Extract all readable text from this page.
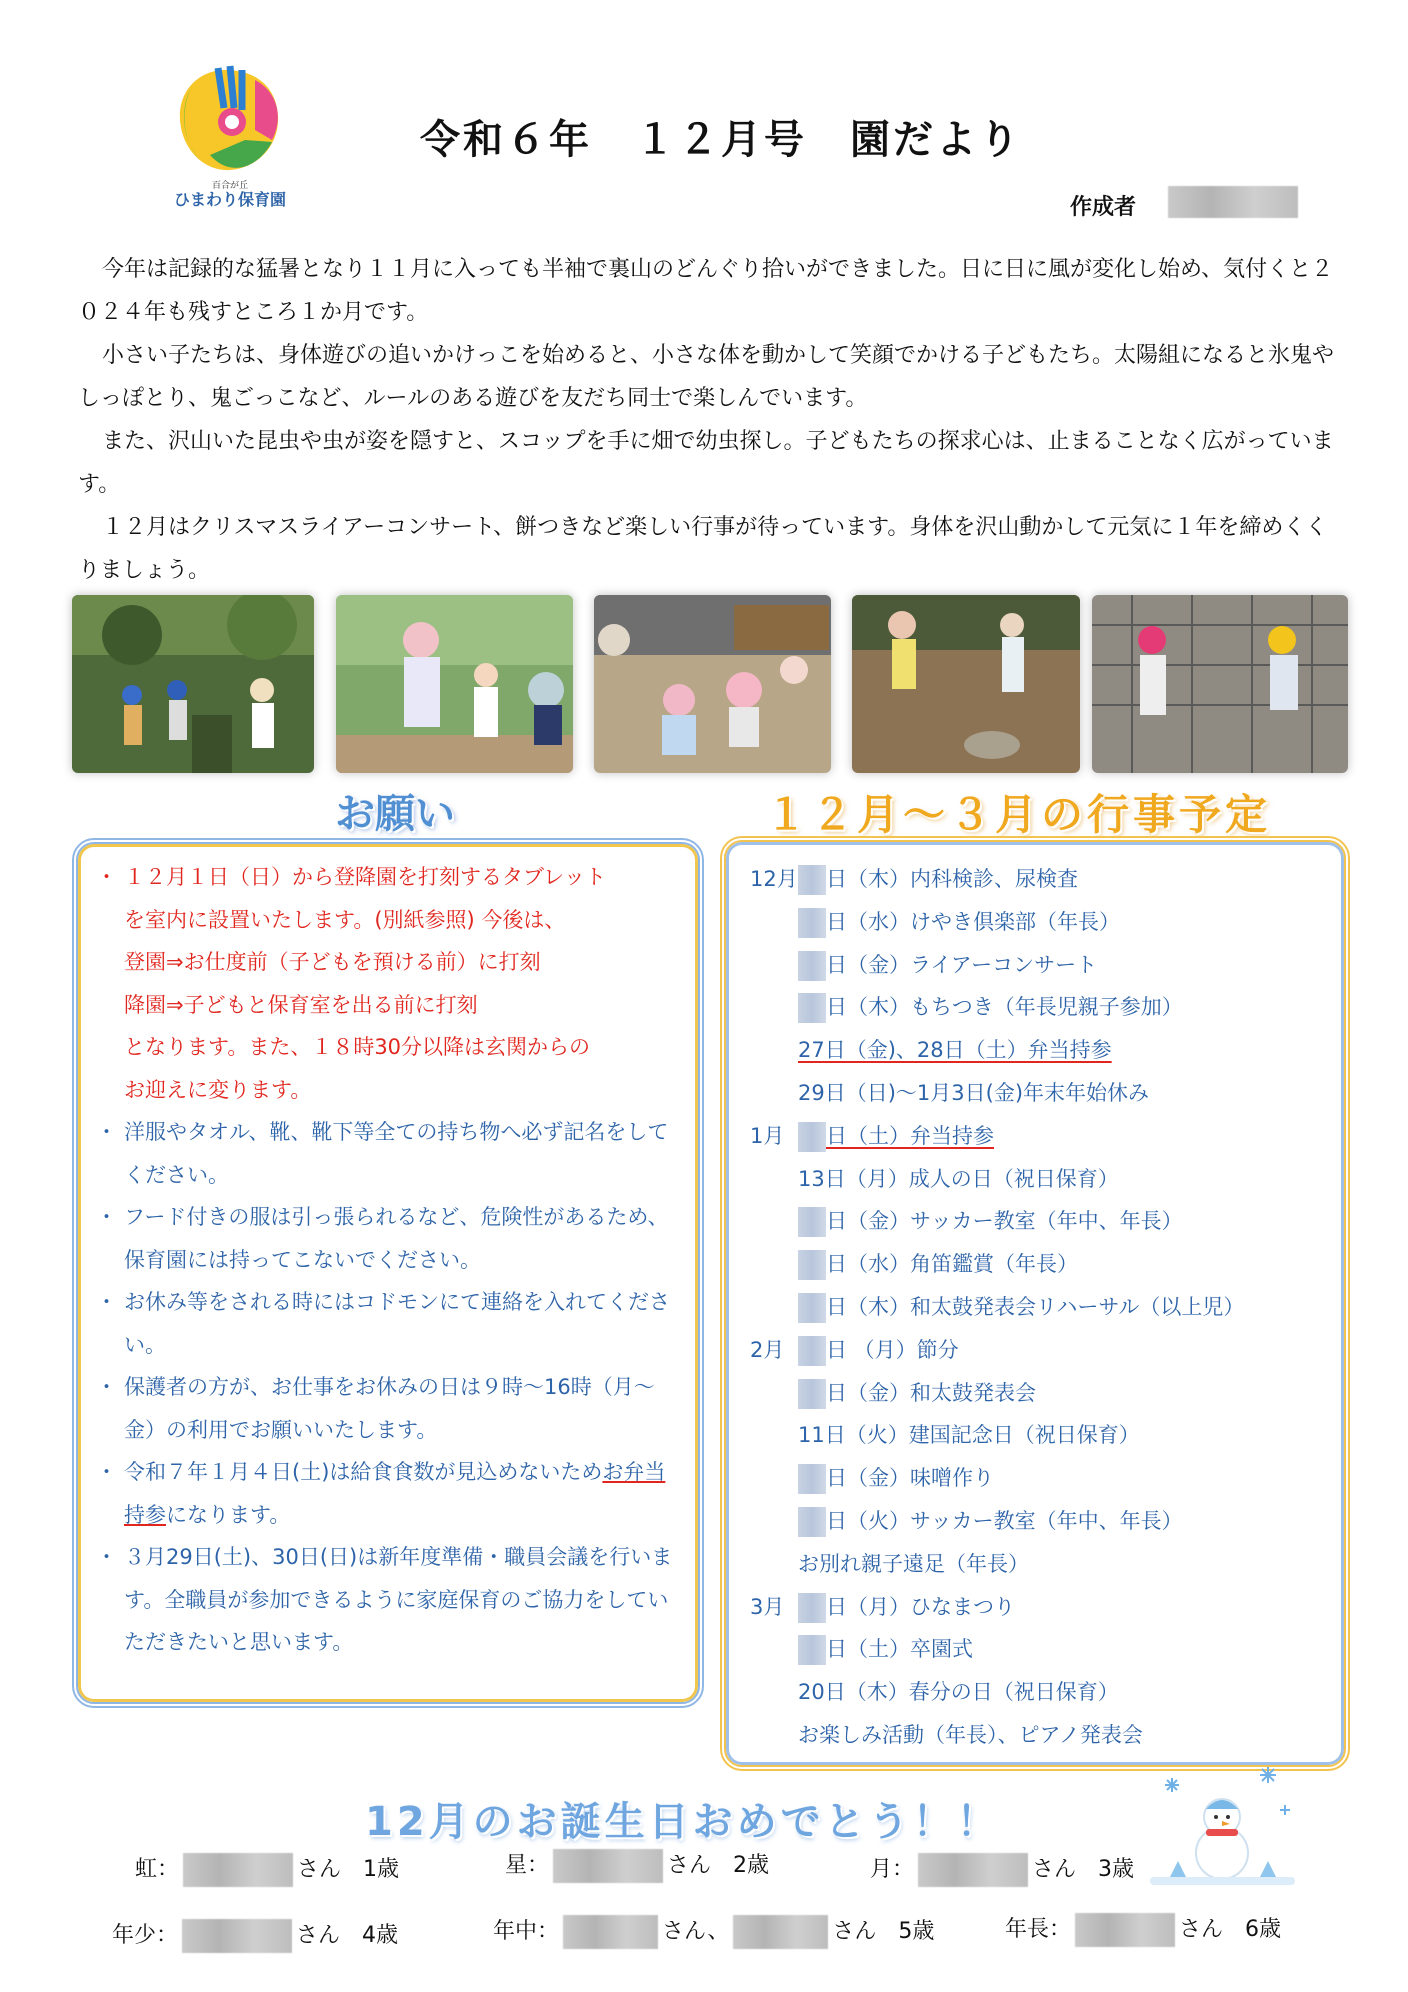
百合が丘
ひまわり保育園
令和６年　１２月号　園だより
作成者

今年は記録的な猛暑となり１１月に入っても半袖で裏山のどんぐり拾いができました。日に日に風が変化し始め、気付くと２０２４年も残すところ１か月です。

小さい子たちは、身体遊びの追いかけっこを始めると、小さな体を動かして笑顔でかける子どもたち。太陽組になると氷鬼やしっぽとり、鬼ごっこなど、ルールのある遊びを友だち同士で楽しんでいます。

また、沢山いた昆虫や虫が姿を隠すと、スコップを手に畑で幼虫探し。子どもたちの探求心は、止まることなく広がっています。

１２月はクリスマスライアーコンサート、餅つきなど楽しい行事が待っています。身体を沢山動かして元気に１年を締めくくりましょう。

お願い	１２月～３月の行事予定
・ １２月１日（日）から登降園を打刻するタブレット
を室内に設置いたします。(別紙参照) 今後は、
登園⇒お仕度前（子どもを預ける前）に打刻
降園⇒子どもと保育室を出る前に打刻
となります。また、１８時30分以降は玄関からの
お迎えに変ります。
・ 洋服やタオル、靴、靴下等全ての持ち物へ必ず記名をしてください。
・ フード付きの服は引っ張られるなど、危険性があるため、保育園には持ってこないでください。
・ お休み等をされる時にはコドモンにて連絡を入れてください。
・ 保護者の方が、お仕事をお休みの日は９時～16時（月～金）の利用でお願いいたします。
・ 令和７年１月４日(土)は給食食数が見込めないためお弁当持参になります。
・ ３月29日(土)、30日(日)は新年度準備・職員会議を行います。全職員が参加できるように家庭保育のご協力をしていただきたいと思います。
12月 日（木）内科検診、尿検査
日（水）けやき倶楽部（年長）
日（金）ライアーコンサート
日（木）もちつき（年長児親子参加）
27日（金)、28日（土）弁当持参
29日（日)～1月3日(金)年末年始休み
1月 日（土）弁当持参
13日（月）成人の日（祝日保育）
日（金）サッカー教室（年中、年長）
日（水）角笛鑑賞（年長）
日（木）和太鼓発表会リハーサル（以上児）
2月 日 （月）節分
日（金）和太鼓発表会
11日（火）建国記念日（祝日保育）
日（金）味噌作り
日（火）サッカー教室（年中、年長）
お別れ親子遠足（年長）
3月 日（月）ひなまつり
日（土）卒園式
20日（木）春分の日（祝日保育）
お楽しみ活動（年長）、ピアノ発表会
12月のお誕生日おめでとう！！
虹：	さん　 1歳	星：	さん　 2歳	月：	さん　 3歳
年少：	さん　 4歳	年中：	さん、	さん　 5歳	年長：	さん　 6歳
